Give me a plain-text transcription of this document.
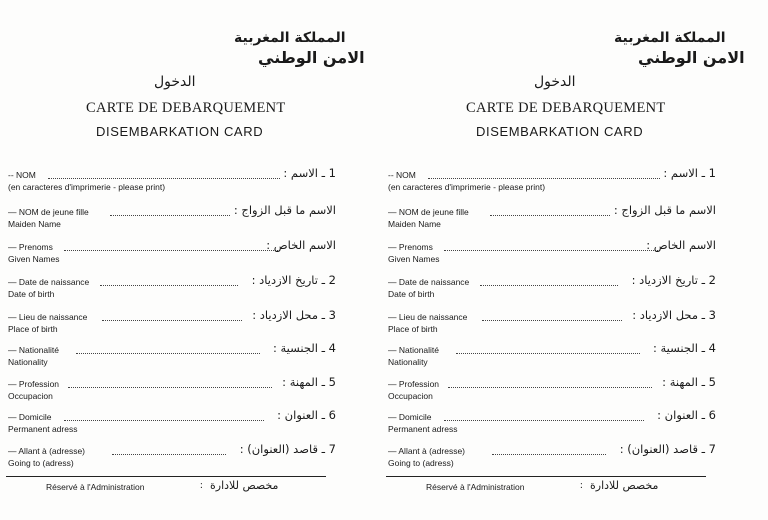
المملكة المغربية
الامن الوطني
الدخول
CARTE DE DEBARQUEMENT
DISEMBARKATION CARD
-- NOM	1 ـ الاسم :
(en caracteres d'imprimerie - please print)
— NOM de jeune fille	الاسم ما قبل الزواج :
Maiden Name
— Prenoms	الاسم الخاص :
Given Names
— Date de naissance	2 ـ تاريخ الازدياد :
Date of birth
— Lieu de naissance	3 ـ محل الازدياد :
Place of birth
— Nationalité	4 ـ الجنسية :
Nationality
— Profession	5 ـ المهنة :
Occupacion
— Domicile	6 ـ العنوان :
Permanent adress
— Allant à (adresse)	7 ـ قاصد (العنوان) :
Going to (adress)
Réservé à l'Administration	: مخصص للادارة
المملكة المغربية
الامن الوطني
الدخول
CARTE DE DEBARQUEMENT
DISEMBARKATION CARD
-- NOM	1 ـ الاسم :
(en caracteres d'imprimerie - please print)
— NOM de jeune fille	الاسم ما قبل الزواج :
Maiden Name
— Prenoms	الاسم الخاص :
Given Names
— Date de naissance	2 ـ تاريخ الازدياد :
Date of birth
— Lieu de naissance	3 ـ محل الازدياد :
Place of birth
— Nationalité	4 ـ الجنسية :
Nationality
— Profession	5 ـ المهنة :
Occupacion
— Domicile	6 ـ العنوان :
Permanent adress
— Allant à (adresse)	7 ـ قاصد (العنوان) :
Going to (adress)
Réservé à l'Administration	: مخصص للادارة
